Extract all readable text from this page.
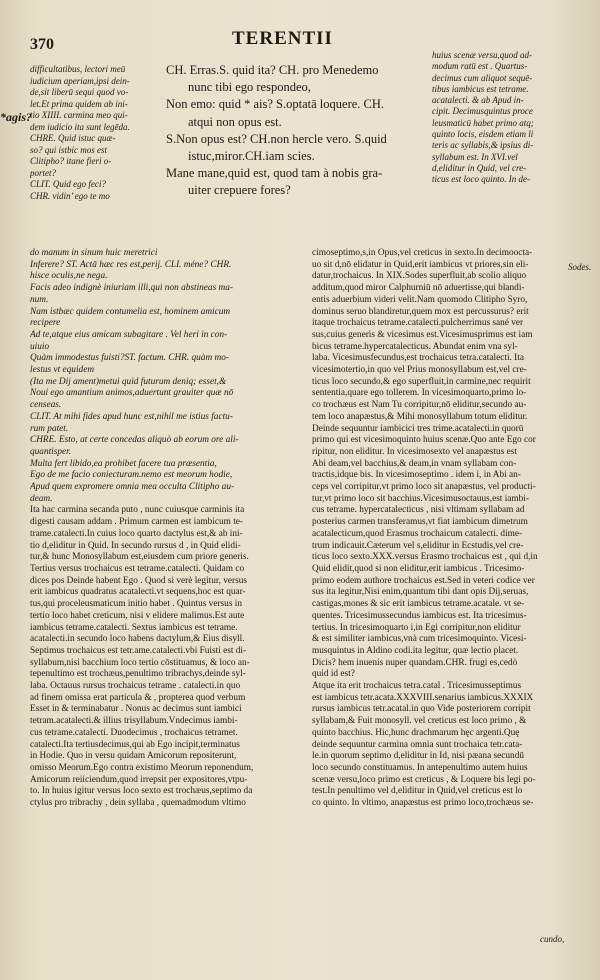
370	TERENTII
*agis?

difficultatibus, lectori meū

iudicium aperiam,ipsi dein-

de,sit liberū sequi quod vo-

let.Et prima quidem ab ini-

tio XIIII. carmina meo qui-

dem iudicio ita sunt legēda.

CHRE. Quid istuc quæ-

so? qui istbic mos est

Clitipho? itane fieri o-

portet?

CLIT. Quid ego feci?

CHR. vidin’ ego te mo

CH. Erras.S. quid ita? CH. pro Menedemo

nunc tibi ego respondeo,

Non emo: quid * ais? S.optatā loquere. CH.

atqui non opus est.

S.Non opus est? CH.non hercle vero. S.quid

istuc,miror.CH.iam scies.

Mane mane,quid est, quod tam à nobis gra-

uiter crepuere fores?

huius scenæ versu,quod ad-

modum ratū est . Quartus-

decimus cum aliquot sequē-

tibus iambicus est tetrame.

acatalecti. & ab Apud in-

cipit. Decimusquintus proce

leusmaticū habet primo atq;

quinto locis, eisdem etiam li

teris ac syllabis,& ipsius di-

syllabum est. In XVI.vel

d,eliditur in Quid, vel cre-

ticus est loco quinto. In de-

do manum in sinum huic meretrici

Inferere? ST. Actā hæc res est,perij. CLI. méne? CHR.

hisce oculis,ne nega.

Facis adeo indignè iniuriam illi,qui non abstineas ma-

num.

Nam istbæc quidem contumelia est, hominem amicum

recipere

Ad te,atque eius amicam subagitare . Vel heri in con-

uiuio

Quàm immodestus fuisti?ST. factum. CHR. quàm mo-

lestus vt equidem

(Ita me Dij ament)metui quid futurum deniq; esset,&

Noui ego amantium animos,aduertunt grauiter quæ nō

censeas.

CLIT. At mihi fides apud hunc est,nihil me istius factu-

rum patet.

CHRE. Esto, at certe concedas aliquò ab eorum ore ali-

quantisper.

Multa fert libido,ea prohibet facere tua præsentia,

Ego de me facio coniecturam.nemo est meorum hodie,

Apud quem expromere omnia mea occulta Clitipho au-

deam.

Ita hac carmina secanda puto , nunc cuiusque carminis ita

digesti causam addam . Primum carmen est iambicum te-

trame.catalecti.In cuius loco quarto dactylus est,& ab ini-

tio d,eliditur in Quid. In secundo rursus d , in Quid elidi-

tur,& hunc Monosyllabum est,eiusdem cum priore generis.

Tertius versus trochaicus est tetrame.catalecti. Quidam co

dices pos Deinde habent Ego . Quod si verè legitur, versus

erit iambicus quadratus acatalecti.vt sequens,hoc est quar-

tus,qui proceleusmaticum initio habet . Quintus versus in

tertio loco habet creticum, nisi v elidere malimus.Est aute

iambicus tetrame.catalecti. Sextus iambicus est tetrame.

acatalecti.in secundo loco habens dactylum,& Eius disyll.

Septimus trochaicus est tetr.ame.catalecti.vbi Fuisti est di-

syllabum,nisi bacchium loco tertio cōstituamus, & loco an-

tepenultimo est trochæus,penultimo tribrachys,deinde syl-

laba. Octauus rursus trochaicus tetrame . catalecti.in quo

ad finem omissa erat particula & , propterea quod verbum

Esset in & terminabatur . Nonus ac decimus sunt iambici

tetram.acatalecti.& illius trisyllabum.Vndecimus iambi-

cus tetrame.catalecti. Duodecimus , trochaicus tetramet.

catalecti.Ita tertiusdecimus,qui ab Ego incipit,terminatus

in Hodie. Quo in versu quidam Amicorum repositerunt,

omisso Meorum.Ego contra existimo Meorum reponendum,

Amicorum reiiciendum,quod irrepsit per expositores,vtpu-

to. In huius igitur versus loco sexto est trochæus,septimo da

ctylus pro tribrachy , dein syllaba , quemadmodum vltimo

cimoseptimo,s,in Opus,vel creticus in sexto.In decimoocta-

uo sit d,nō elidatur in Quid,erit iambicus vt priores,sin eli-

datur,trochaicus. In XIX.Sodes superfluit,ab scolio aliquo

additum,quod miror Calphurniū nō aduertisse,qui blandi-

entis aduerbium videri velit.Nam quomodo Clitipho Syro,

dominus seruo blandiretur,quem mox est percussurus? erit

itaque trochaicus tetrame.catalecti.pulcherrimus sané ver

sus,cuius generis & vicesimus est.Vicesimusprimus est iam

bicus tetrame.hypercatalecticus. Abundat enim vna syl-

laba. Vicesimusfecundus,est trochaicus tetra.catalecti. Ita

vicesimotertio,in quo vel Prius monosyllabum est,vel cre-

ticus loco secundo,& ego superfluit,in carmine,nec requirit

sententia,quare ego tollerem. In vicesimoquarto,primo lo-

co trochæus est Nam Tu corripitur,nō eliditur,secundo au-

tem loco anapæstus,& Mihi monosyllabum totum eliditur.

Deinde sequuntur iambicici tres trime.acatalecti.in quorū

primo qui est vicesimoquinto huius scenæ.Quo ante Ego cor

ripitur, non eliditur. In vicesimosexto vel anapæstus est

Abi deam,vel bacchius,& deam,in vnam syllabam con-

tractis,idque bis. In vicesimoseptimo . idem i, in Abi an-

ceps vel corripitur,vt primo loco sit anapæstus, vel producti-

tur,vt primo loco sit bacchius.Vicesimusoctauus,est iambi-

cus tetrame. hypercatalecticus , nisi vltimam syllabam ad

posterius carmen transferamus,vt fiat iambicum dimetrum

acatalecticum,quod Erasmus trochaicum catalecti. dime-

trum indicauit.Cæterum vel s,eliditur in Ecstudis,vel cre-

ticus loco sexto.XXX.versus Erasmo trochaicus est , qui d,in

Quid elidit,quod si non eliditur,erit iambicus . Tricesimo-

primo eodem authore trochaicus est.Sed in veteri codice ver

sus ita legitur,Nisi enim,quantum tibi dant opis Dij,seruas,

castigas,mones & sic erit iambicus tetrame.acatale. vt se-

quentes. Tricesimussecundus iambicus est. Ita tricesimus-

tertius. In tricesimoquarto i,in Egi corripitur,non eliditur

& est similiter iambicus,vnà cum tricesimoquinto. Vicesi-

musquintus in Aldino codi.ita legitur, quæ lectio placet.

Dicis? hem inuenis nuper quandam.CHR. frugi es,cedò

quid id est?

Atque ita erit trochaicus tetra.catal . Tricesimusseptimus

est iambicus tetr.acata.XXXVIII.senarius iambicus.XXXIX

rursus iambicus tetr.acatal.in quo Vide posteriorem corripit

syllabam,& Fuit monosyll. vel creticus est loco primo , &

quinto bacchius. Hic,hunc drachmarum hęc argenti.Quę

deinde sequuntur carmina omnia sunt trochaica tetr.cata-

le.in quorum septimo d,eliditur in Id, nisi pæana secundū

loco secundo constituamus. In antepenultimo autem huius

scenæ versu,loco primo est creticus , & Loquere bis legi po-

test.In penultimo vel d,eliditur in Quid,vel creticus est lo

co quinto. In vltimo, anapæstus est primo loco,trochæus se-

Sodes.
cundo,
